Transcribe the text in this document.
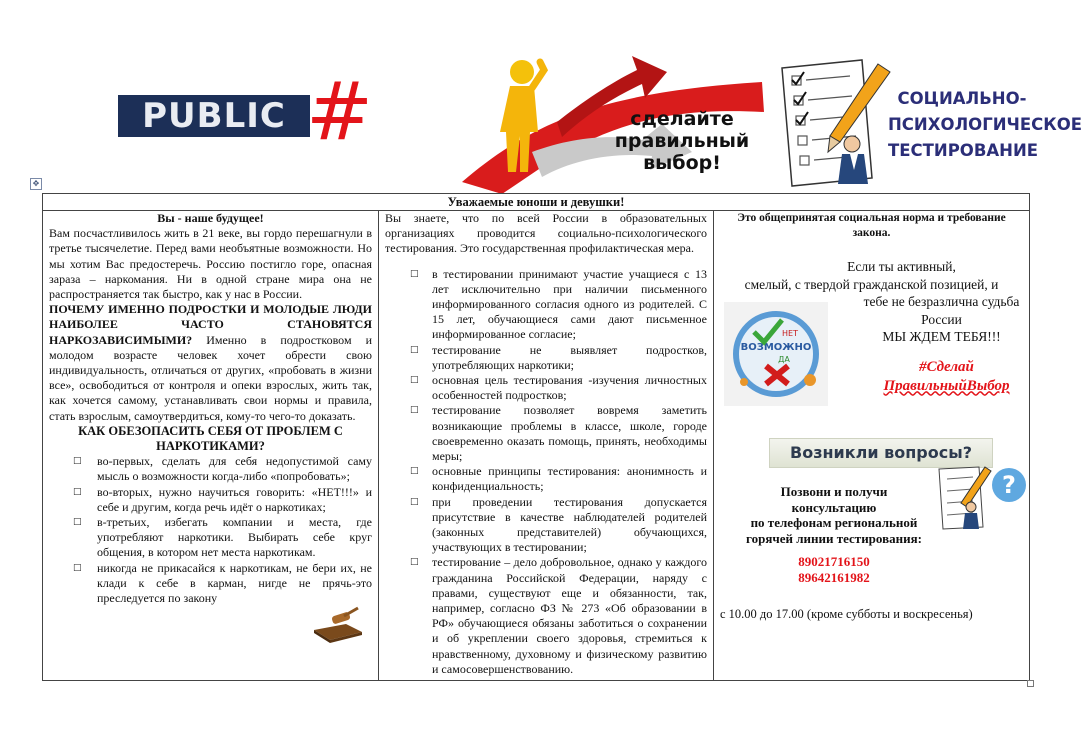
PUBLIC #	сделайте
правильный
выбор!
СОЦИАЛЬНО-
ПСИХОЛОГИЧЕСКОЕ
ТЕСТИРОВАНИЕ
✥
Уважаемые юноши и девушки!

Вы - наше будущее!

Вам посчастливилось жить в 21 веке, вы гордо перешагнули в третье тысячелетие. Перед вами необъятные возможности. Но мы хотим Вас предостеречь. Россию постигло горе, опасная зараза – наркомания. Ни в одной стране мира она не распространяется так быстро, как у нас в России.

ПОЧЕМУ ИМЕННО ПОДРОСТКИ И МОЛОДЫЕ ЛЮДИ НАИБОЛЕЕ ЧАСТО СТАНОВЯТСЯ НАРКОЗАВИСИМЫМИ? Именно в подростковом и молодом возрасте человек хочет обрести свою индивидуальность, отличаться от других, «пробовать в жизни все», освободиться от контроля и опеки взрослых, жить так, как хочется самому, устанавливать свои нормы и правила, стать взрослым, самоутвердиться, кому-то чего-то доказать.

КАК ОБЕЗОПАСИТЬ СЕБЯ ОТ ПРОБЛЕМ С НАРКОТИКАМИ?

□ во-первых, сделать для себя недопустимой саму мысль о возможности когда-либо «попробовать»;
□ во-вторых, нужно научиться говорить: «НЕТ!!!» и себе и другим, когда речь идёт о наркотиках;
□ в-третьих, избегать компании и места, где употребляют наркотики. Выбирать себе круг общения, в котором нет места наркотикам.
□ никогда не прикасайся к наркотикам, не бери их, не клади к себе в карман, нигде не прячь-это преследуется по закону

Вы знаете, что по всей России в образовательных организациях проводится социально-психологического тестирования. Это государственная профилактическая мера.

□ в тестировании принимают участие учащиеся с 13 лет исключительно при наличии письменного информированного согласия одного из родителей. С 15 лет, обучающиеся сами дают письменное информированное согласие;
□ тестирование не выявляет подростков, употребляющих наркотики;
□ основная цель тестирования -изучения личностных особенностей подростков;
□ тестирование позволяет вовремя заметить возникающие проблемы в классе, школе, городе своевременно оказать помощь, принять, необходимы меры;
□ основные принципы тестирования: анонимность и конфиденциальность;
□ при проведении тестирования допускается присутствие в качестве наблюдателей родителей (законных представителей) обучающихся, участвующих в тестировании;
□ тестирование – дело добровольное, однако у каждого гражданина Российской Федерации, наряду с правами, существуют еще и обязанности, так, например, согласно ФЗ № 273 «Об образовании в РФ» обучающиеся обязаны заботиться о сохранении и об укреплении своего здоровья, стремиться к нравственному, духовному и физическому развитию и самосовершенствованию.

Это общепринятая социальная норма и требование закона.

Если ты активный,
смелый, с твердой гражданской позицией, и
тебе не безразлична судьба
России
МЫ ЖДЕМ ТЕБЯ!!!
#Сделай
ПравильныйВыбор
ВОЗМОЖНО
НЕТ
ДА
Возникли вопросы?
Позвони и получи
консультацию
по телефонам региональной
горячей линии тестирования:
89021716150
89642161982
?
с 10.00 до 17.00 (кроме субботы и воскресенья)
